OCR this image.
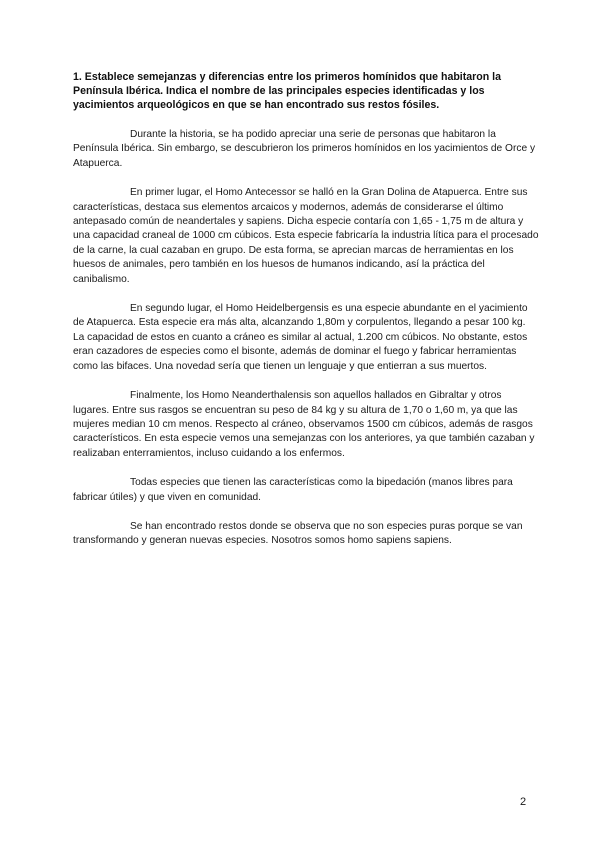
1. Establece semejanzas y diferencias entre los primeros homínidos que habitaron la Península Ibérica. Indica el nombre de las principales especies identificadas y los yacimientos arqueológicos en que se han encontrado sus restos fósiles.

Durante la historia, se ha podido apreciar una serie de personas que habitaron la Península Ibérica. Sin embargo, se descubrieron los primeros homínidos en los yacimientos de Orce y Atapuerca.

En primer lugar, el Homo Antecessor se halló en la Gran Dolina de Atapuerca. Entre sus características, destaca sus elementos arcaicos y modernos, además de considerarse el último antepasado común de neandertales y sapiens. Dicha especie contaría con 1,65 - 1,75 m de altura y una capacidad craneal de 1000 cm cúbicos. Esta especie fabricaría la industria lítica para el procesado de la carne, la cual cazaban en grupo. De esta forma, se aprecian marcas de herramientas en los huesos de animales, pero también en los huesos de humanos indicando, así la práctica del canibalismo.

En segundo lugar, el Homo Heidelbergensis es una especie abundante en el yacimiento de Atapuerca. Esta especie era más alta, alcanzando 1,80m y corpulentos, llegando a pesar 100 kg. La capacidad de estos en cuanto a cráneo es similar al actual, 1.200 cm cúbicos. No obstante, estos eran cazadores de especies como el bisonte, además de dominar el fuego y fabricar herramientas como las bifaces. Una novedad sería que tienen un lenguaje y que entierran a sus muertos.

Finalmente, los Homo Neanderthalensis son aquellos hallados en Gibraltar y otros lugares. Entre sus rasgos se encuentran su peso de 84 kg y su altura de 1,70 o 1,60 m, ya que las mujeres median 10 cm menos. Respecto al cráneo, observamos 1500 cm cúbicos, además de rasgos característicos. En esta especie vemos una semejanzas con los anteriores, ya que también cazaban y realizaban enterramientos, incluso cuidando a los enfermos.

Todas especies que tienen las características como la bipedación (manos libres para fabricar útiles) y que viven en comunidad.

Se han encontrado restos donde se observa que no son especies puras porque se van transformando y generan nuevas especies. Nosotros somos homo sapiens sapiens.

2
